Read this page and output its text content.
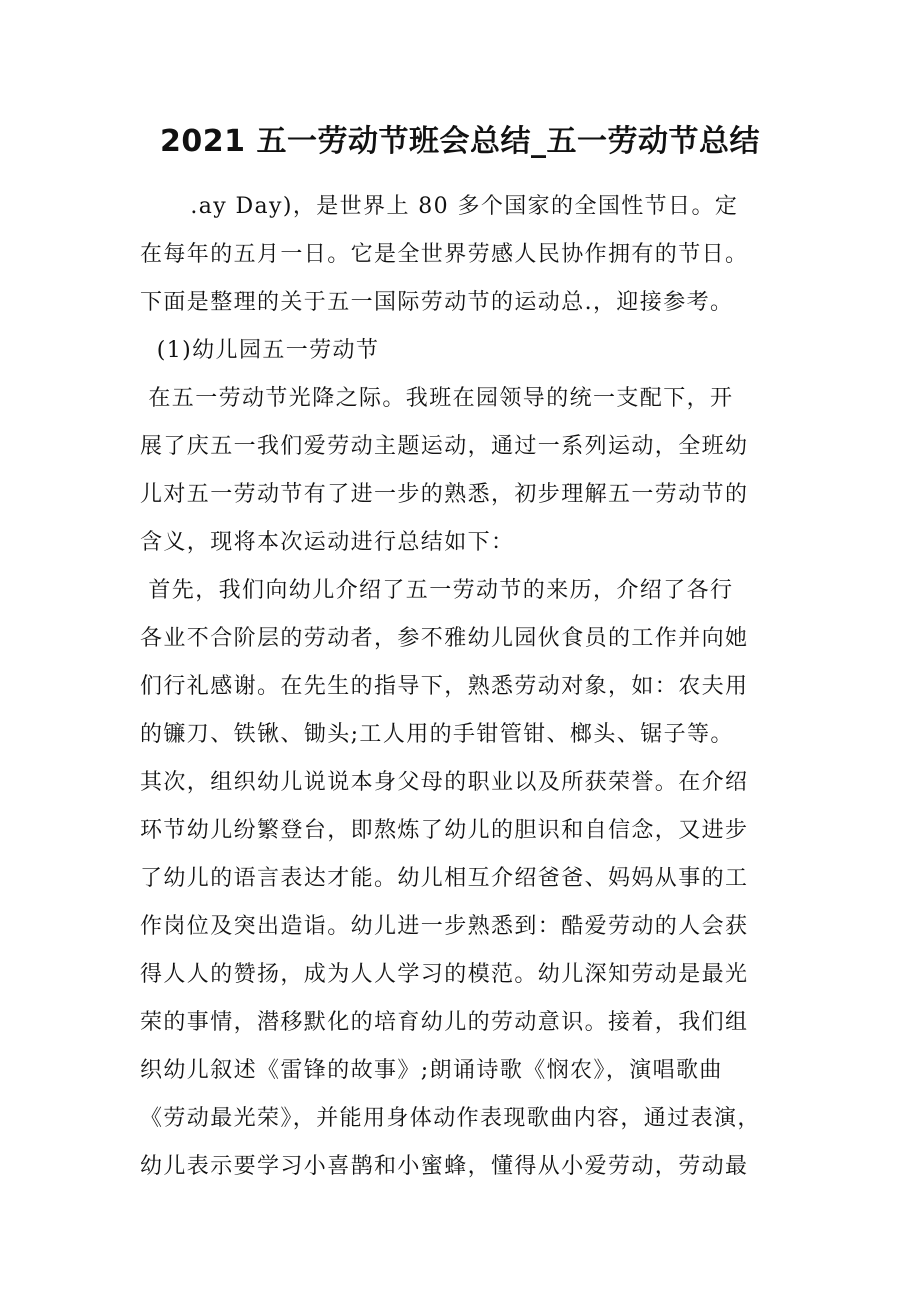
2021 五一劳动节班会总结_五一劳动节总结
.ay Day)，是世界上 80 多个国家的全国性节日。定
在每年的五月一日。它是全世界劳感人民协作拥有的节日。
下面是整理的关于五一国际劳动节的运动总.，迎接参考。
(1)幼儿园五一劳动节
在五一劳动节光降之际。我班在园领导的统一支配下，开
展了庆五一我们爱劳动主题运动，通过一系列运动，全班幼
儿对五一劳动节有了进一步的熟悉，初步理解五一劳动节的
含义，现将本次运动进行总结如下：
首先，我们向幼儿介绍了五一劳动节的来历，介绍了各行
各业不合阶层的劳动者，参不雅幼儿园伙食员的工作并向她
们行礼感谢。在先生的指导下，熟悉劳动对象，如：农夫用
的镰刀、铁锹、锄头;工人用的手钳管钳、榔头、锯子等。
其次，组织幼儿说说本身父母的职业以及所获荣誉。在介绍
环节幼儿纷繁登台，即熬炼了幼儿的胆识和自信念，又进步
了幼儿的语言表达才能。幼儿相互介绍爸爸、妈妈从事的工
作岗位及突出造诣。幼儿进一步熟悉到：酷爱劳动的人会获
得人人的赞扬，成为人人学习的模范。幼儿深知劳动是最光
荣的事情，潜移默化的培育幼儿的劳动意识。接着，我们组
织幼儿叙述《雷锋的故事》;朗诵诗歌《悯农》，演唱歌曲
《劳动最光荣》，并能用身体动作表现歌曲内容，通过表演，
幼儿表示要学习小喜鹊和小蜜蜂，懂得从小爱劳动，劳动最
